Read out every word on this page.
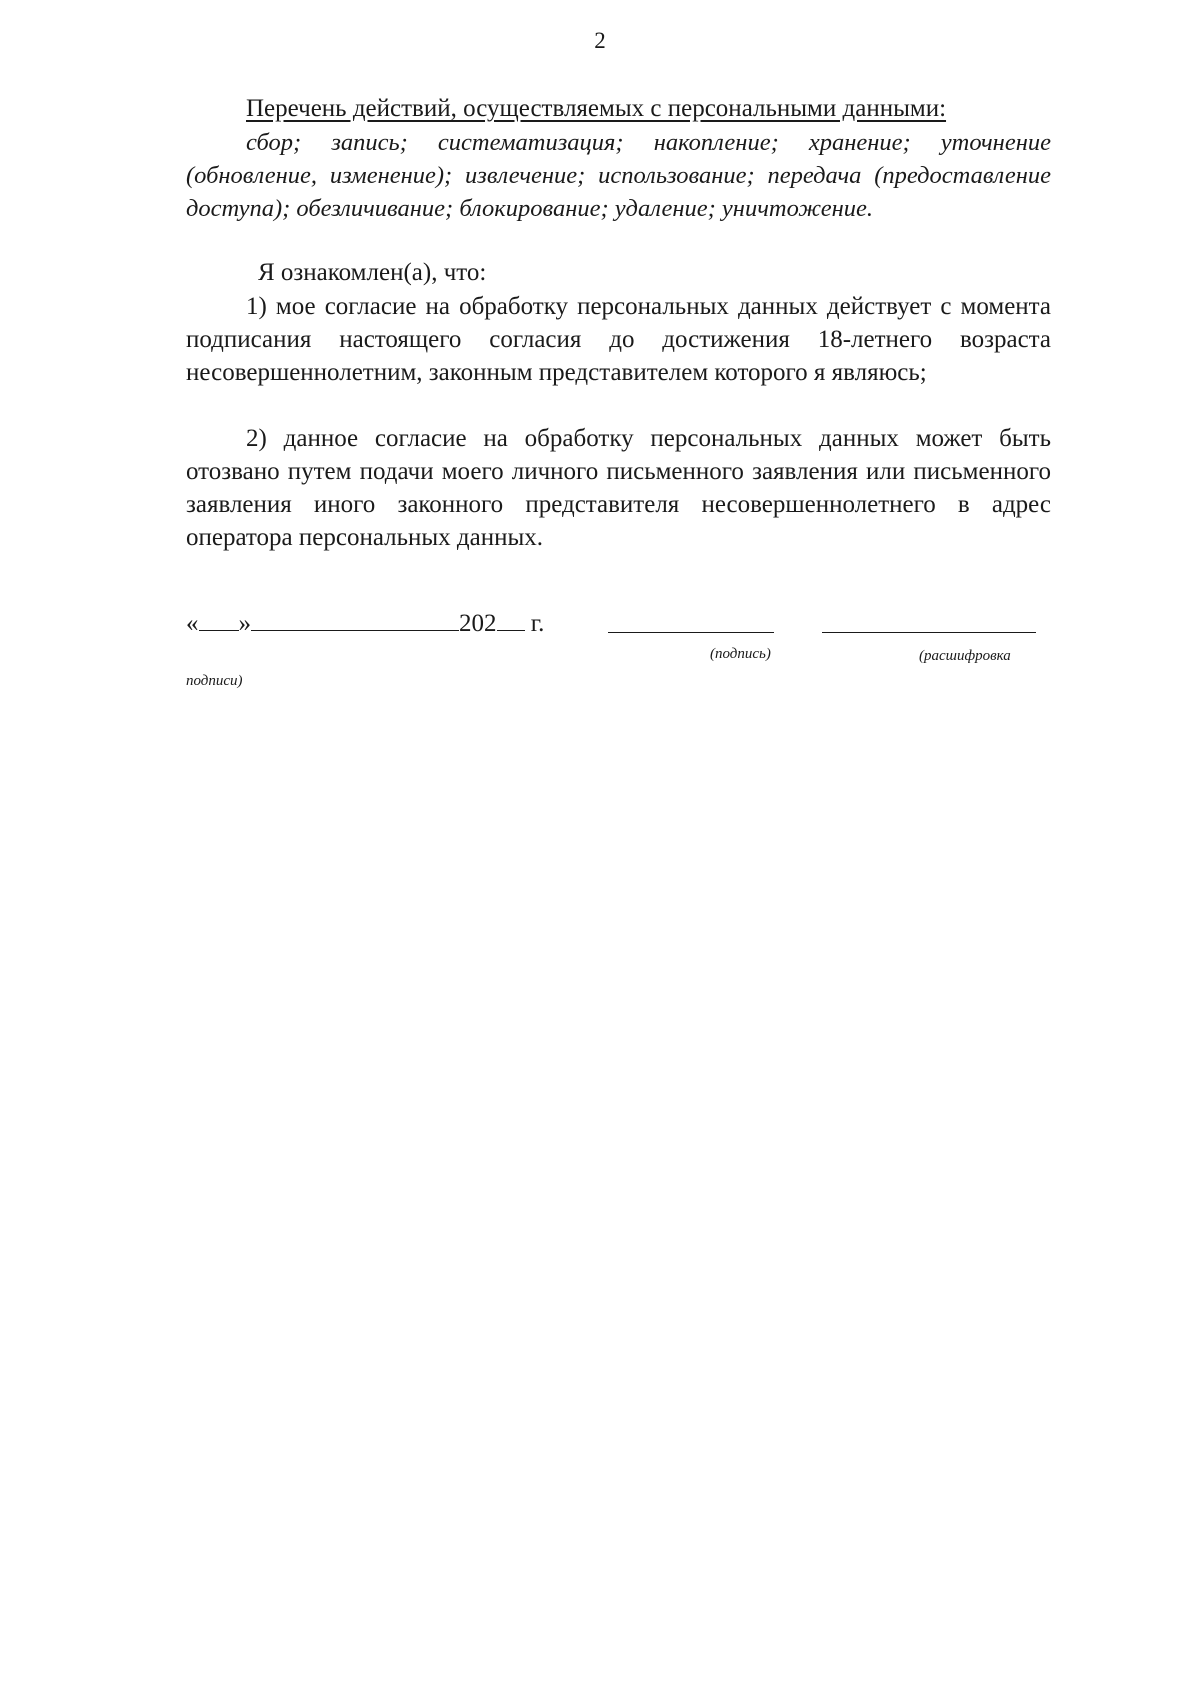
2
Перечень действий, осуществляемых с персональными данными:
сбор; запись; систематизация; накопление; хранение; уточнение (обновление, изменение); извлечение; использование; передача (предоставление доступа); обезличивание; блокирование; удаление; уничтожение.
Я ознакомлен(а), что:
1) мое согласие на обработку персональных данных действует с момента подписания настоящего согласия до достижения 18-летнего возраста несовершеннолетним, законным представителем которого я являюсь;
2) данное согласие на обработку персональных данных может быть отозвано путем подачи моего личного письменного заявления или письменного заявления иного законного представителя несовершеннолетнего в адрес оператора персональных данных.
« »	202 г.
(подпись)	(расшифровка
подписи)
